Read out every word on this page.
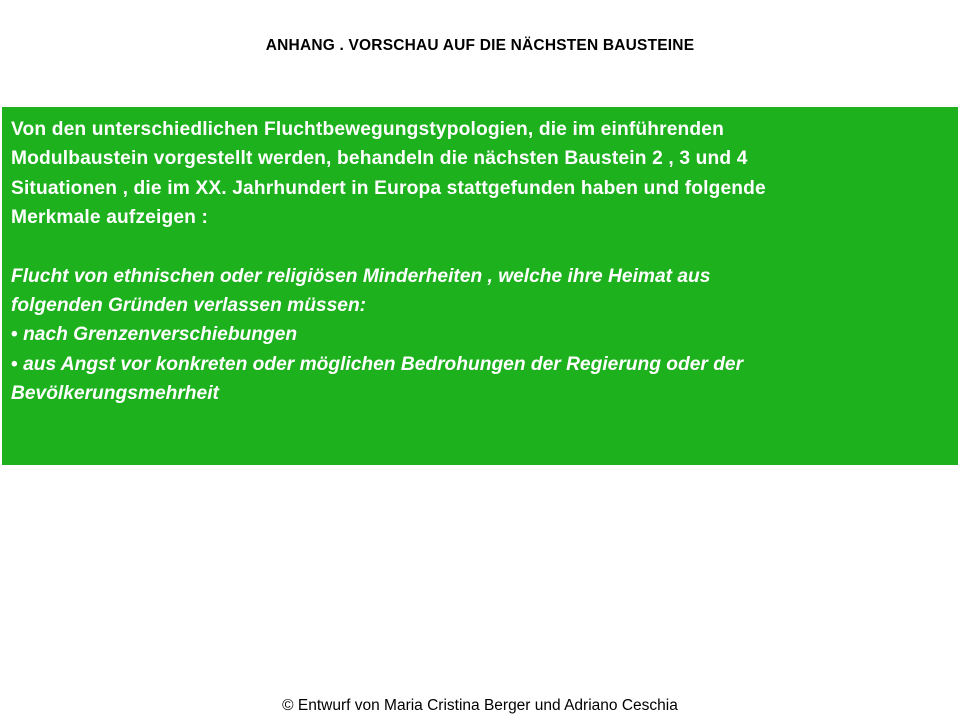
ANHANG . VORSCHAU AUF DIE NÄCHSTEN BAUSTEINE

Von den unterschiedlichen Fluchtbewegungstypologien, die im einführenden
Modulbaustein vorgestellt werden, behandeln die nächsten Baustein 2 , 3 und 4
Situationen , die im XX. Jahrhundert in Europa stattgefunden haben und folgende
Merkmale aufzeigen :

Flucht von ethnischen oder religiösen Minderheiten , welche ihre Heimat aus
folgenden Gründen verlassen müssen:

• nach Grenzenverschiebungen
• aus Angst vor konkreten oder möglichen Bedrohungen der Regierung oder der
Bevölkerungsmehrheit
© Entwurf von Maria Cristina Berger und Adriano Ceschia
